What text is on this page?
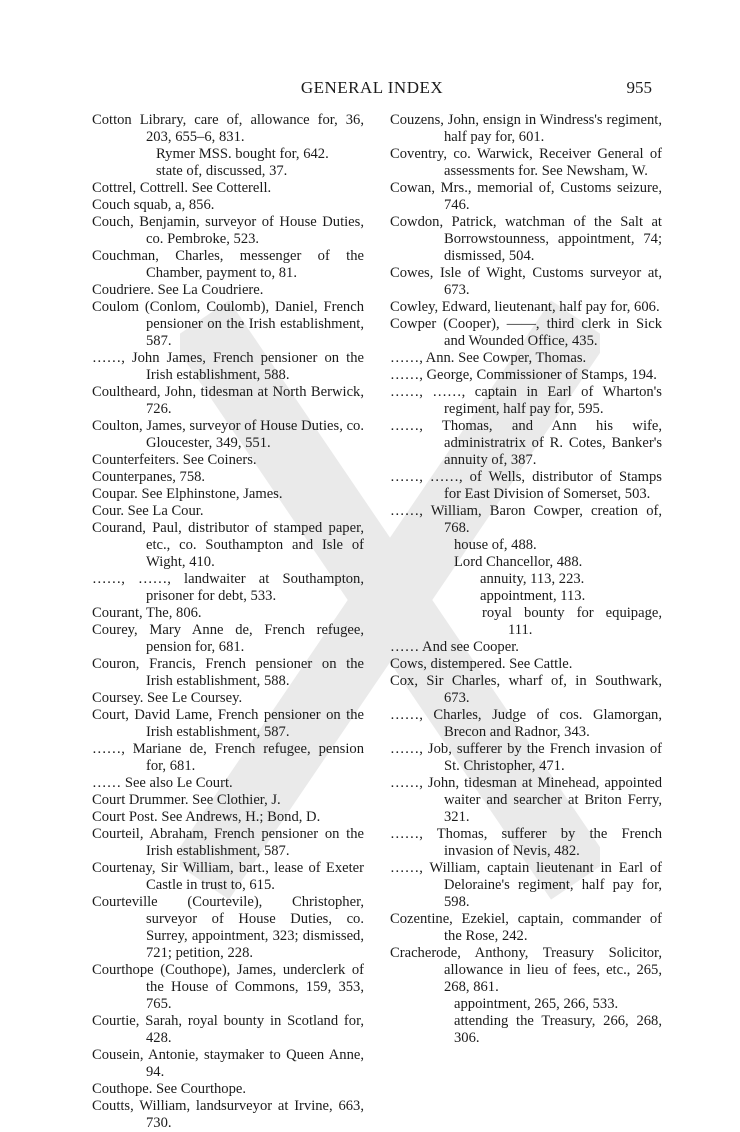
GENERAL INDEX	955

Cotton Library, care of, allowance for, 36, 203, 655–6, 831.

Rymer MSS. bought for, 642.

state of, discussed, 37.

Cottrel, Cottrell. See Cotterell.

Couch squab, a, 856.

Couch, Benjamin, surveyor of House Duties, co. Pembroke, 523.

Couchman, Charles, messenger of the Chamber, payment to, 81.

Coudriere. See La Coudriere.

Coulom (Conlom, Coulomb), Daniel, French pensioner on the Irish establishment, 587.

……, John James, French pensioner on the Irish establishment, 588.

Coultheard, John, tidesman at North Berwick, 726.

Coulton, James, surveyor of House Duties, co. Gloucester, 349, 551.

Counterfeiters. See Coiners.

Counterpanes, 758.

Coupar. See Elphinstone, James.

Cour. See La Cour.

Courand, Paul, distributor of stamped paper, etc., co. Southampton and Isle of Wight, 410.

……, ……, landwaiter at Southampton, prisoner for debt, 533.

Courant, The, 806.

Courey, Mary Anne de, French refugee, pension for, 681.

Couron, Francis, French pensioner on the Irish establishment, 588.

Coursey. See Le Coursey.

Court, David Lame, French pensioner on the Irish establishment, 587.

……, Mariane de, French refugee, pension for, 681.

…… See also Le Court.

Court Drummer. See Clothier, J.

Court Post. See Andrews, H.; Bond, D.

Courteil, Abraham, French pensioner on the Irish establishment, 587.

Courtenay, Sir William, bart., lease of Exeter Castle in trust to, 615.

Courteville (Courtevile), Christopher, surveyor of House Duties, co. Surrey, appointment, 323; dismissed, 721; petition, 228.

Courthope (Couthope), James, underclerk of the House of Commons, 159, 353, 765.

Courtie, Sarah, royal bounty in Scotland for, 428.

Cousein, Antonie, staymaker to Queen Anne, 94.

Couthope. See Courthope.

Coutts, William, landsurveyor at Irvine, 663, 730.

Couzens, John, ensign in Windress's regiment, half pay for, 601.

Coventry, co. Warwick, Receiver General of assessments for. See Newsham, W.

Cowan, Mrs., memorial of, Customs seizure, 746.

Cowdon, Patrick, watchman of the Salt at Borrowstounness, appointment, 74; dismissed, 504.

Cowes, Isle of Wight, Customs surveyor at, 673.

Cowley, Edward, lieutenant, half pay for, 606.

Cowper (Cooper), ——, third clerk in Sick and Wounded Office, 435.

……, Ann. See Cowper, Thomas.

……, George, Commissioner of Stamps, 194.

……, ……, captain in Earl of Wharton's regiment, half pay for, 595.

……, Thomas, and Ann his wife, administratrix of R. Cotes, Banker's annuity of, 387.

……, ……, of Wells, distributor of Stamps for East Division of Somerset, 503.

……, William, Baron Cowper, creation of, 768.

house of, 488.

Lord Chancellor, 488.

annuity, 113, 223.

appointment, 113.

royal bounty for equipage, 111.

…… And see Cooper.

Cows, distempered. See Cattle.

Cox, Sir Charles, wharf of, in Southwark, 673.

……, Charles, Judge of cos. Glamorgan, Brecon and Radnor, 343.

……, Job, sufferer by the French invasion of St. Christopher, 471.

……, John, tidesman at Minehead, appointed waiter and searcher at Briton Ferry, 321.

……, Thomas, sufferer by the French invasion of Nevis, 482.

……, William, captain lieutenant in Earl of Deloraine's regiment, half pay for, 598.

Cozentine, Ezekiel, captain, commander of the Rose, 242.

Cracherode, Anthony, Treasury Solicitor, allowance in lieu of fees, etc., 265, 268, 861.

appointment, 265, 266, 533.

attending the Treasury, 266, 268, 306.
